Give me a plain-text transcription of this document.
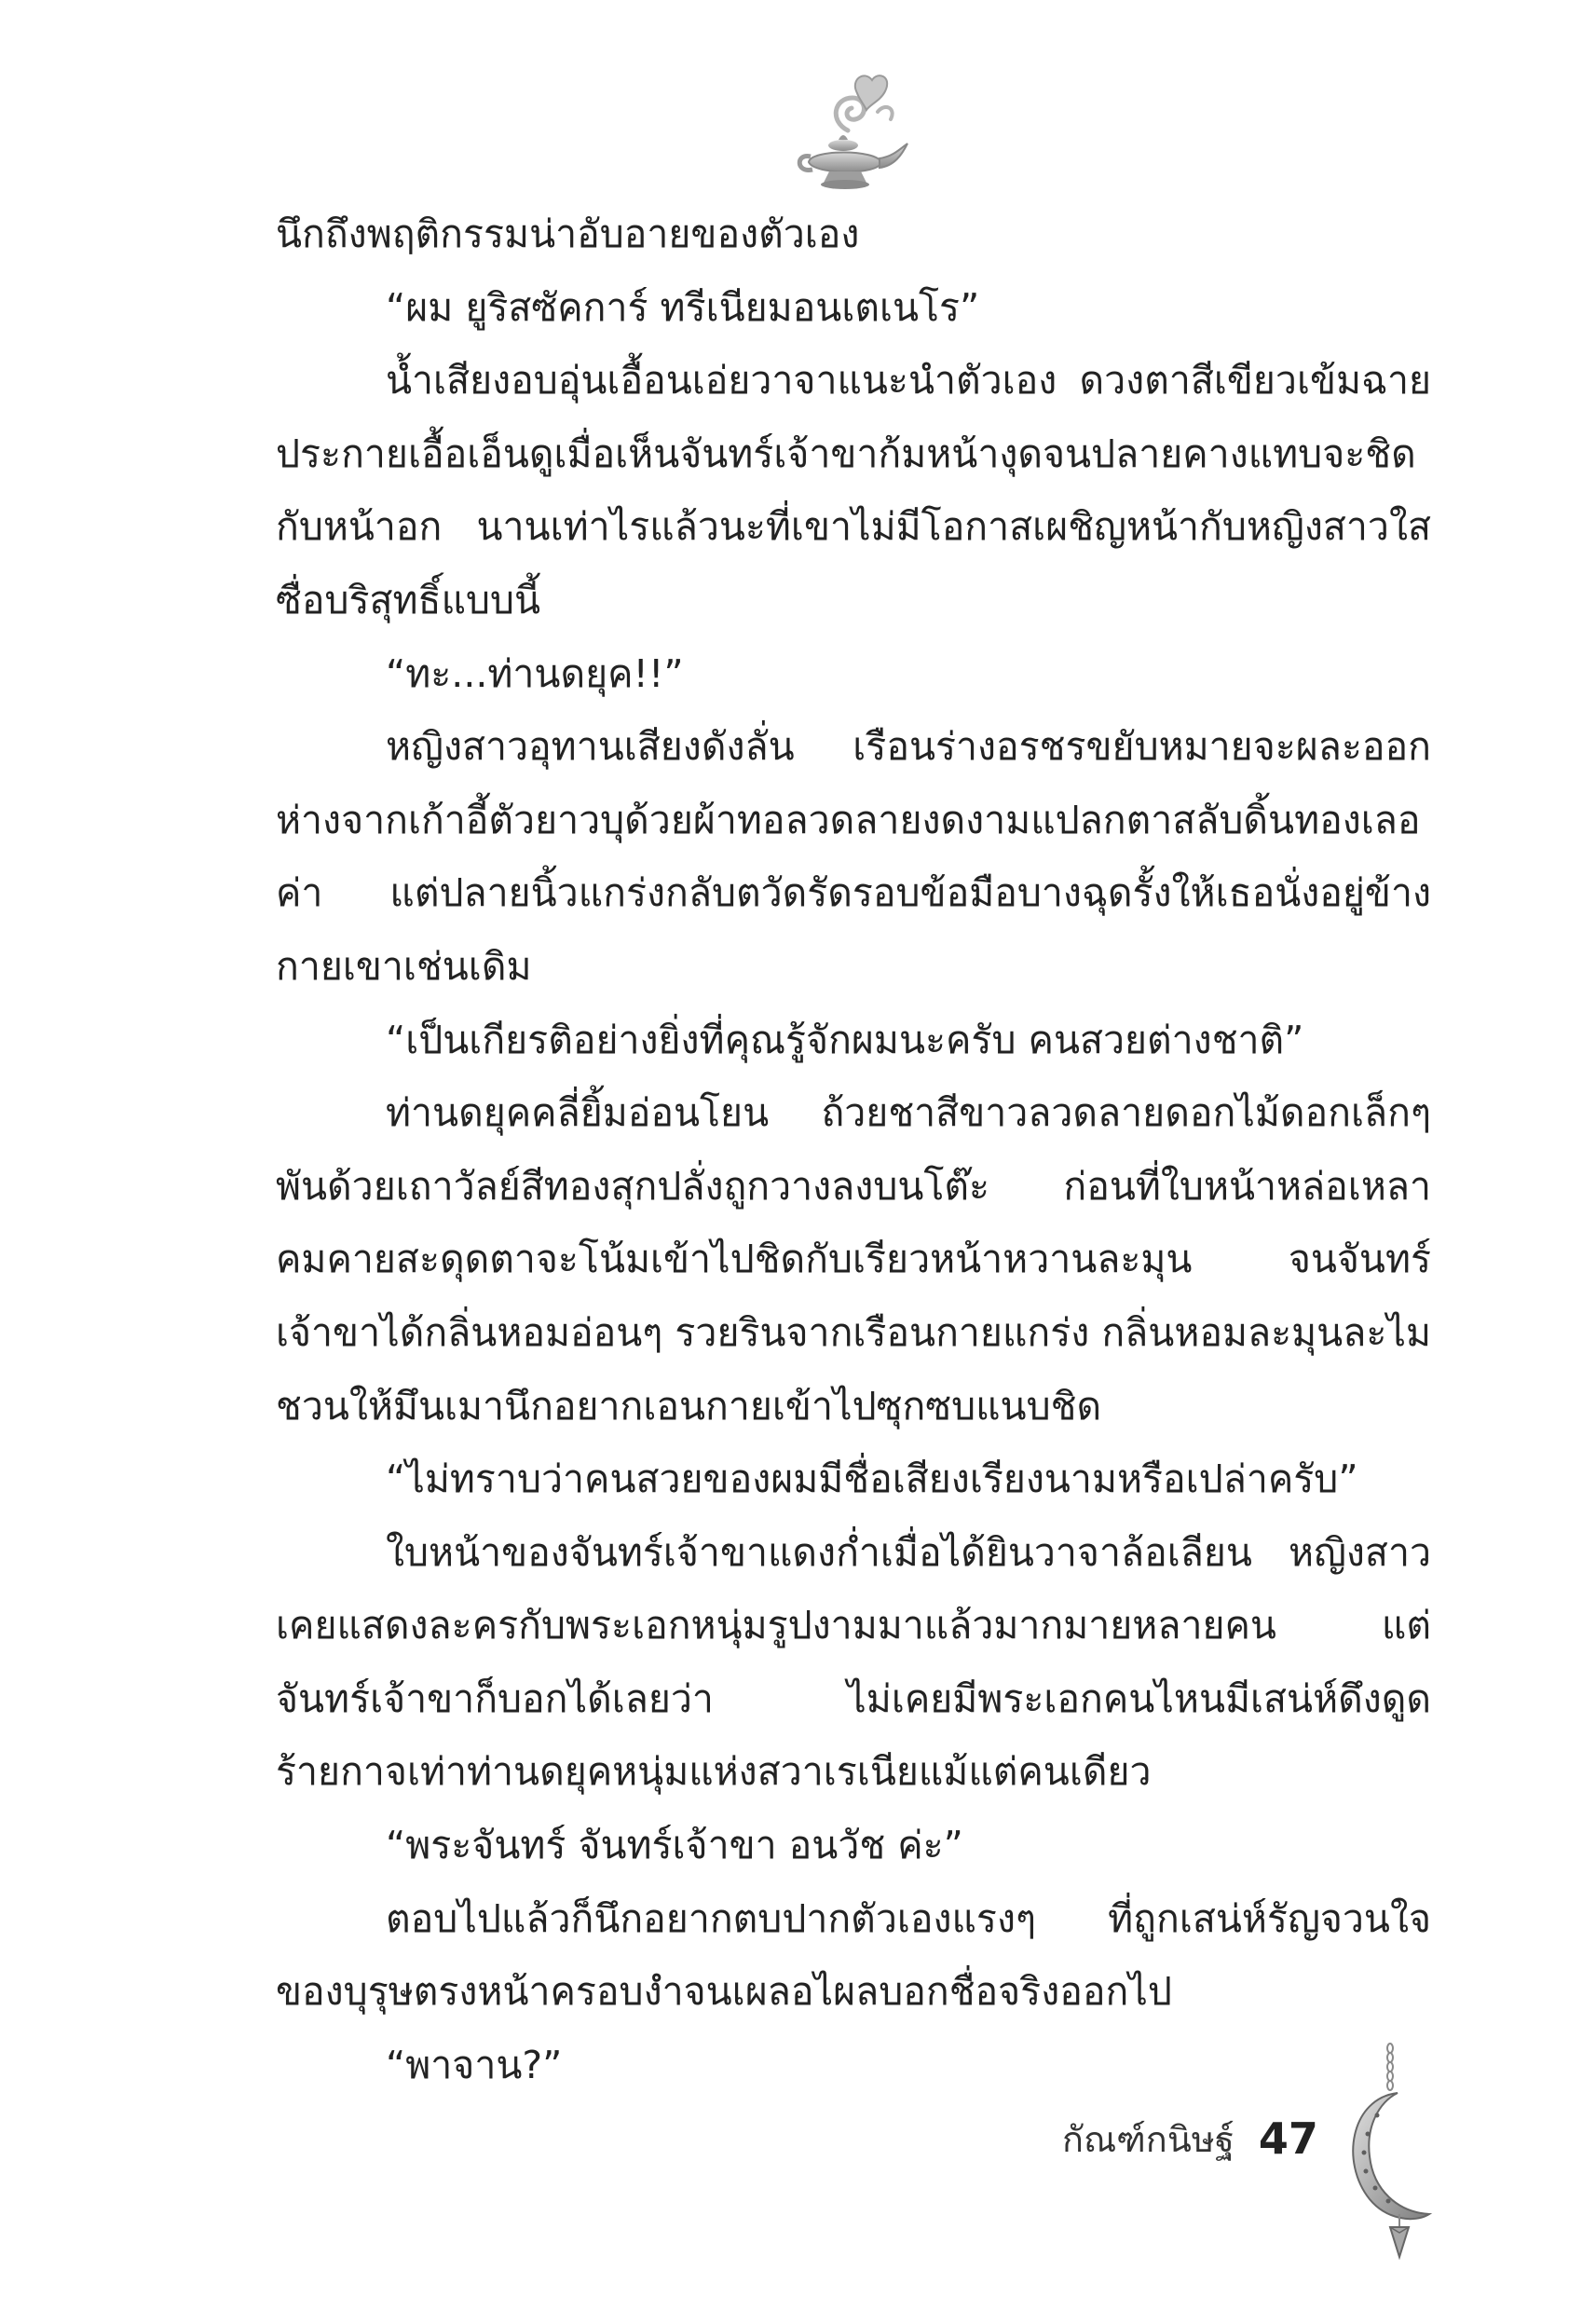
นึกถึงพฤติกรรมน่าอับอายของตัวเอง

“ผม ยูริสซัคการ์ ทรีเนียมอนเตเนโร”

น้ำเสียงอบอุ่นเอื้อนเอ่ยวาจาแนะนำตัวเอง ดวงตาสีเขียวเข้มฉายประกายเอื้อเอ็นดูเมื่อเห็นจันทร์เจ้าขาก้มหน้างุดจนปลายคางแทบจะชิดกับหน้าอก นานเท่าไรแล้วนะที่เขาไม่มีโอกาสเผชิญหน้ากับหญิงสาวใสซื่อบริสุทธิ์แบบนี้

“ทะ...ท่านดยุค!!”

หญิงสาวอุทานเสียงดังลั่น เรือนร่างอรชรขยับหมายจะผละออกห่างจากเก้าอี้ตัวยาวบุด้วยผ้าทอลวดลายงดงามแปลกตาสลับดิ้นทองเลอค่า แต่ปลายนิ้วแกร่งกลับตวัดรัดรอบข้อมือบางฉุดรั้งให้เธอนั่งอยู่ข้างกายเขาเช่นเดิม

“เป็นเกียรติอย่างยิ่งที่คุณรู้จักผมนะครับ คนสวยต่างชาติ”

ท่านดยุคคลี่ยิ้มอ่อนโยน ถ้วยชาสีขาวลวดลายดอกไม้ดอกเล็กๆพันด้วยเถาวัลย์สีทองสุกปลั่งถูกวางลงบนโต๊ะ ก่อนที่ใบหน้าหล่อเหลาคมคายสะดุดตาจะโน้มเข้าไปชิดกับเรียวหน้าหวานละมุน จนจันทร์เจ้าขาได้กลิ่นหอมอ่อนๆ รวยรินจากเรือนกายแกร่ง กลิ่นหอมละมุนละไมชวนให้มึนเมานึกอยากเอนกายเข้าไปซุกซบแนบชิด

“ไม่ทราบว่าคนสวยของผมมีชื่อเสียงเรียงนามหรือเปล่าครับ”

ใบหน้าของจันทร์เจ้าขาแดงก่ำเมื่อได้ยินวาจาล้อเลียน หญิงสาวเคยแสดงละครกับพระเอกหนุ่มรูปงามมาแล้วมากมายหลายคน แต่จันทร์เจ้าขาก็บอกได้เลยว่า ไม่เคยมีพระเอกคนไหนมีเสน่ห์ดึงดูดร้ายกาจเท่าท่านดยุคหนุ่มแห่งสวาเรเนียแม้แต่คนเดียว

“พระจันทร์ จันทร์เจ้าขา อนวัช ค่ะ”

ตอบไปแล้วก็นึกอยากตบปากตัวเองแรงๆ ที่ถูกเสน่ห์รัญจวนใจของบุรุษตรงหน้าครอบงำจนเผลอไผลบอกชื่อจริงออกไป

“พาจาน?”

กัณฑ์กนิษฐ์ 47
